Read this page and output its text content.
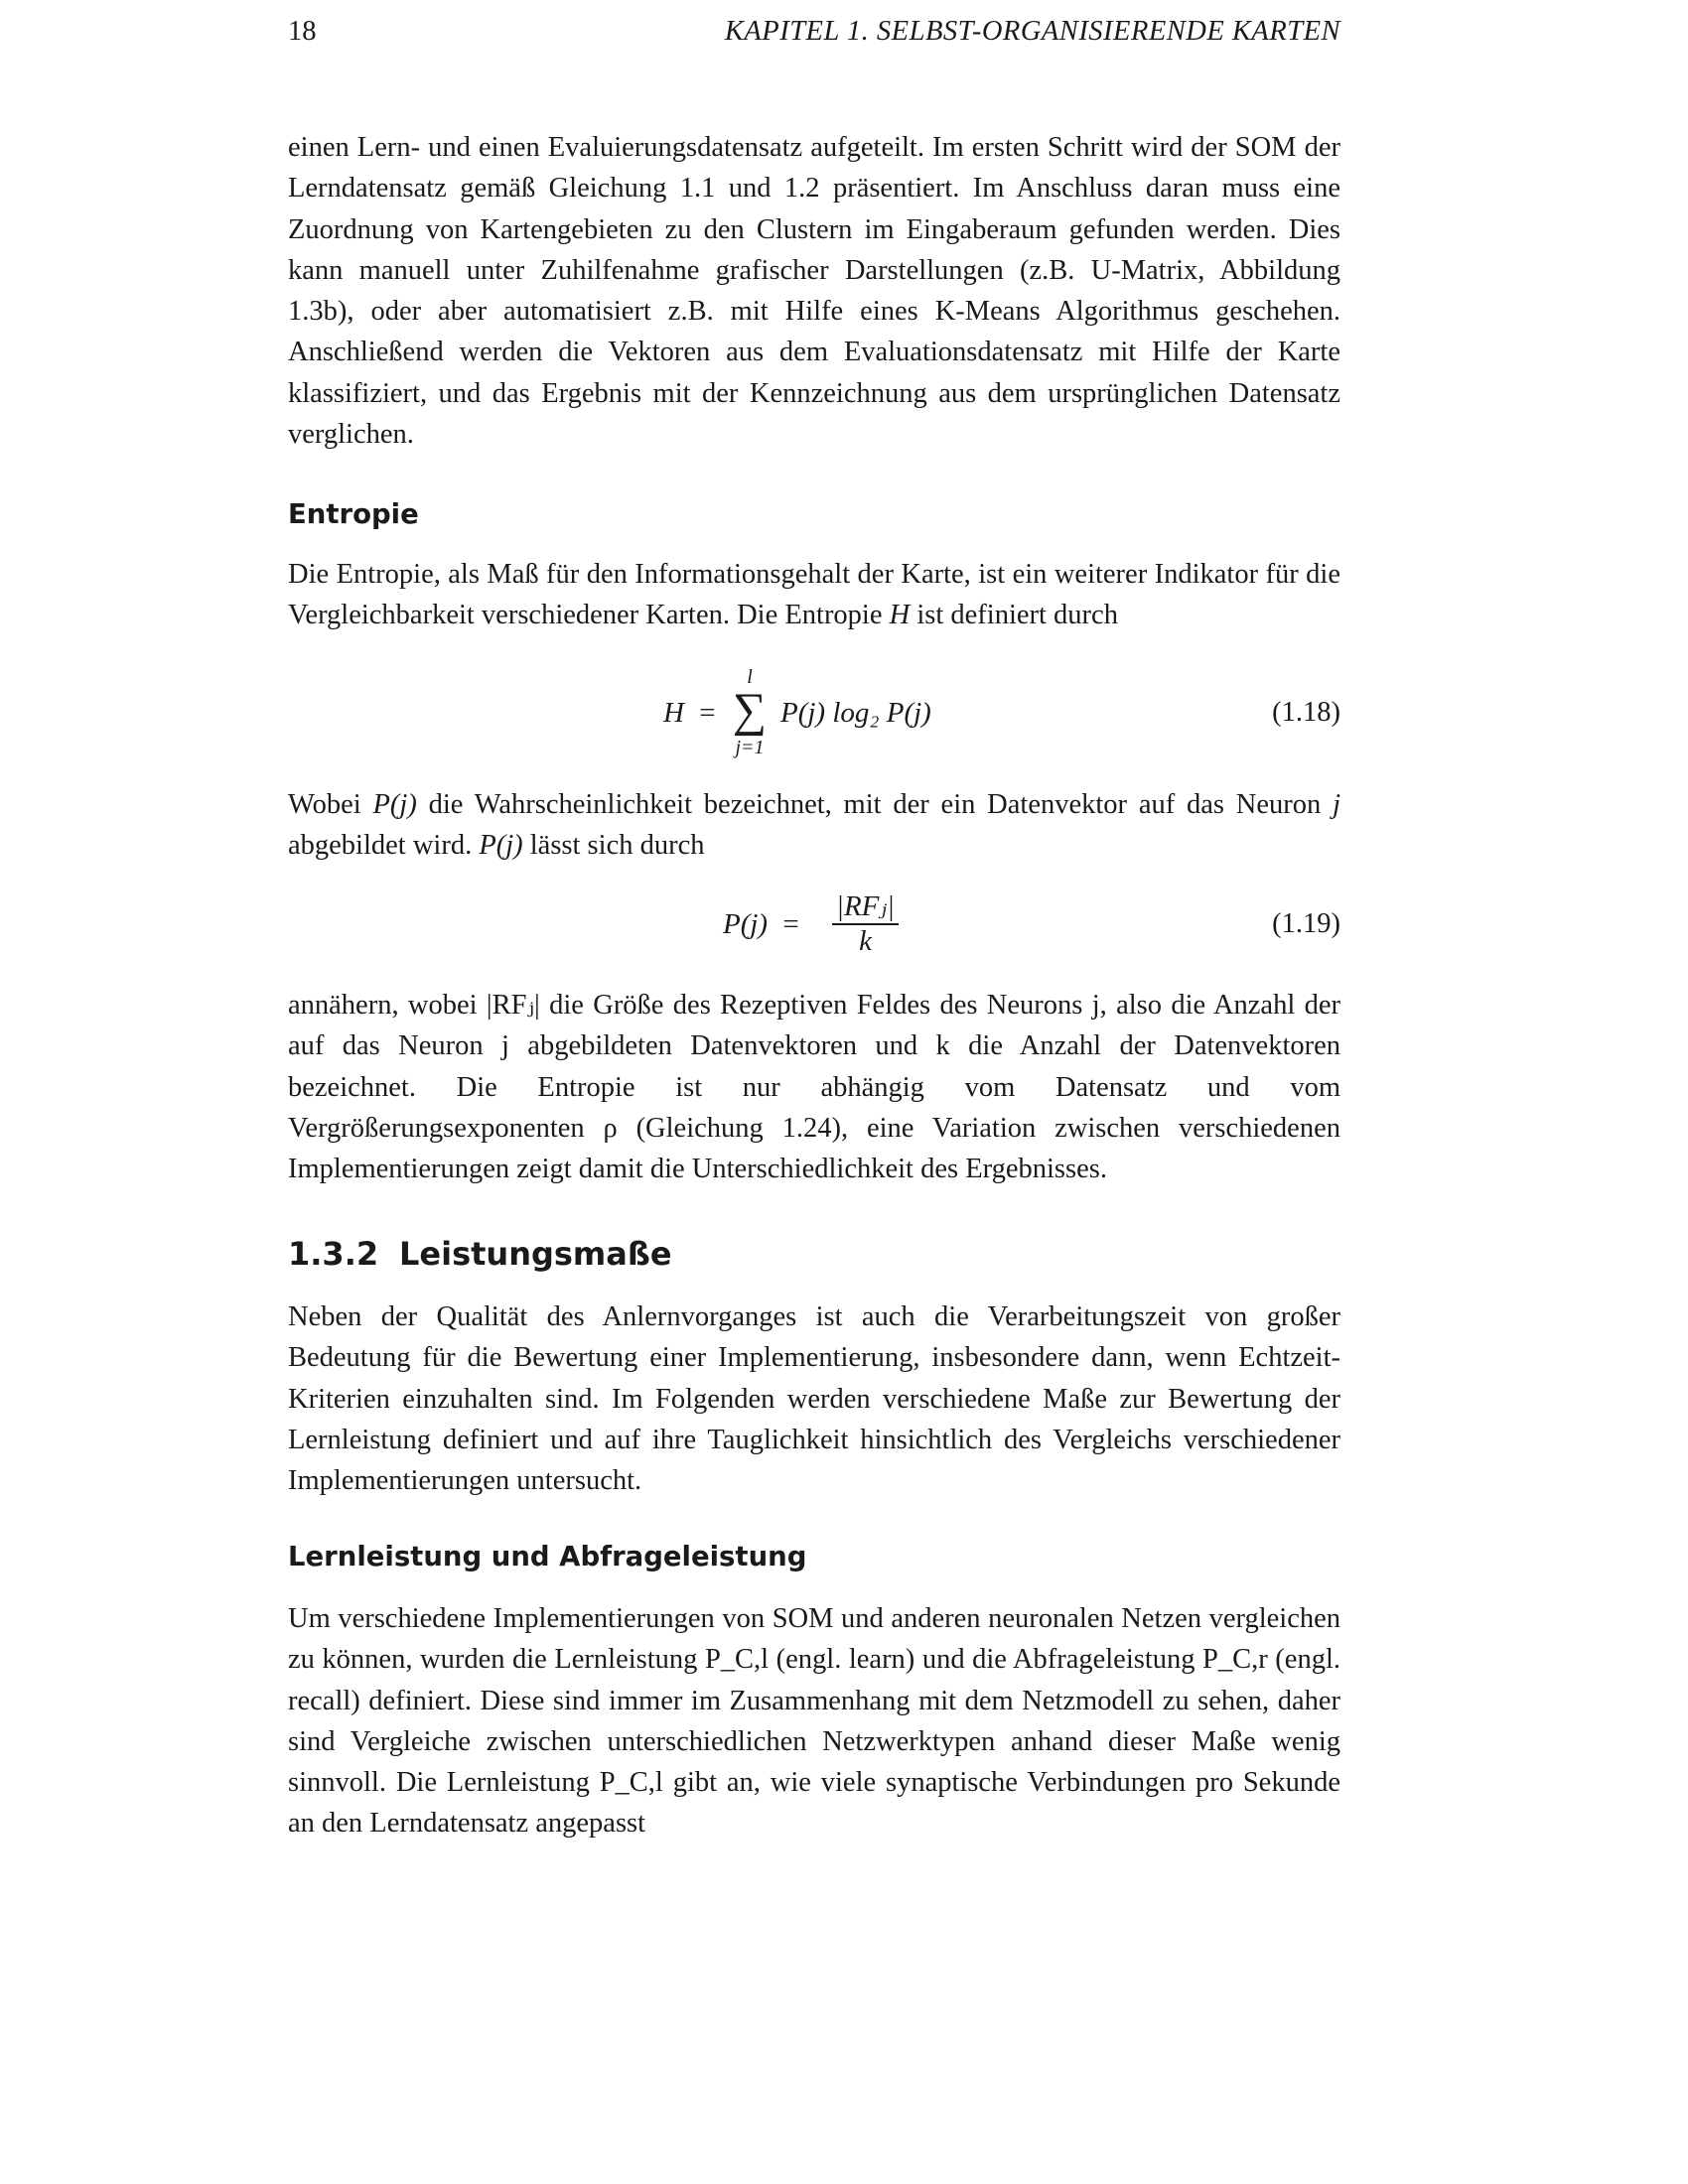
18	KAPITEL 1. SELBST-ORGANISIERENDE KARTEN

einen Lern- und einen Evaluierungsdatensatz aufgeteilt. Im ersten Schritt wird der SOM der Lerndatensatz gemäß Gleichung 1.1 und 1.2 präsentiert. Im Anschluss daran muss eine Zuordnung von Kartengebieten zu den Clustern im Eingaberaum gefunden werden. Dies kann manuell unter Zuhilfenahme grafischer Darstellungen (z.B. U-Matrix, Abbildung 1.3b), oder aber automatisiert z.B. mit Hilfe eines K-Means Algorithmus geschehen. Anschließend werden die Vektoren aus dem Evaluationsdatensatz mit Hilfe der Karte klassifiziert, und das Ergebnis mit der Kennzeichnung aus dem ursprünglichen Datensatz verglichen.

Entropie

Die Entropie, als Maß für den Informationsgehalt der Karte, ist ein weiterer Indikator für die Vergleichbarkeit verschiedener Karten. Die Entropie H ist definiert durch

H =
l
∑
j=1
P(j) log₂ P(j)	(1.18)

Wobei P(j) die Wahrscheinlichkeit bezeichnet, mit der ein Datenvektor auf das Neuron j abgebildet wird. P(j) lässt sich durch

P(j) =
|RFⱼ|
k
(1.19)

annähern, wobei |RFⱼ| die Größe des Rezeptiven Feldes des Neurons j, also die Anzahl der auf das Neuron j abgebildeten Datenvektoren und k die Anzahl der Datenvektoren bezeichnet. Die Entropie ist nur abhängig vom Datensatz und vom Vergrößerungsexponenten ρ (Gleichung 1.24), eine Variation zwischen verschiedenen Implementierungen zeigt damit die Unterschiedlichkeit des Ergebnisses.

1.3.2 Leistungsmaße

Neben der Qualität des Anlernvorganges ist auch die Verarbeitungszeit von großer Bedeutung für die Bewertung einer Implementierung, insbesondere dann, wenn Echtzeit-Kriterien einzuhalten sind. Im Folgenden werden verschiedene Maße zur Bewertung der Lernleistung definiert und auf ihre Tauglichkeit hinsichtlich des Vergleichs verschiedener Implementierungen untersucht.

Lernleistung und Abfrageleistung

Um verschiedene Implementierungen von SOM und anderen neuronalen Netzen vergleichen zu können, wurden die Lernleistung P_C,l (engl. learn) und die Abfrageleistung P_C,r (engl. recall) definiert. Diese sind immer im Zusammenhang mit dem Netzmodell zu sehen, daher sind Vergleiche zwischen unterschiedlichen Netzwerktypen anhand dieser Maße wenig sinnvoll. Die Lernleistung P_C,l gibt an, wie viele synaptische Verbindungen pro Sekunde an den Lerndatensatz angepasst
